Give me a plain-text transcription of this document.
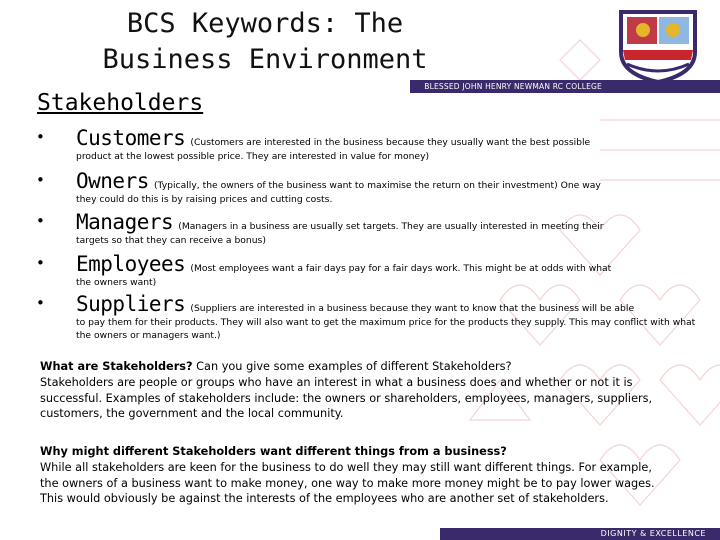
BCS Keywords: The Business Environment
BLESSED JOHN HENRY NEWMAN RC COLLEGE
Stakeholders
• Customers (Customers are interested in the business because they usually want the best possible
product at the lowest possible price. They are interested in value for money)
• Owners (Typically, the owners of the business want to maximise the return on their investment) One way
they could do this is by raising prices and cutting costs.
• Managers (Managers in a business are usually set targets. They are usually interested in meeting their
targets so that they can receive a bonus)
• Employees (Most employees want a fair days pay for a fair days work. This might be at odds with what
the owners want)
• Suppliers (Suppliers are interested in a business because they want to know that the business will be able
to pay them for their products. They will also want to get the maximum price for the products they supply. This may conflict with what the owners or managers want.)
What are Stakeholders? Can you give some examples of different Stakeholders?
Stakeholders are people or groups who have an interest in what a business does and whether or not it is successful. Examples of stakeholders include: the owners or shareholders, employees, managers, suppliers, customers, the government and the local community.
Why might different Stakeholders want different things from a business?
While all stakeholders are keen for the business to do well they may still want different things. For example, the owners of a business want to make money, one way to make more money might be to pay lower wages. This would obviously be against the interests of the employees who are another set of stakeholders.
DIGNITY & EXCELLENCE
